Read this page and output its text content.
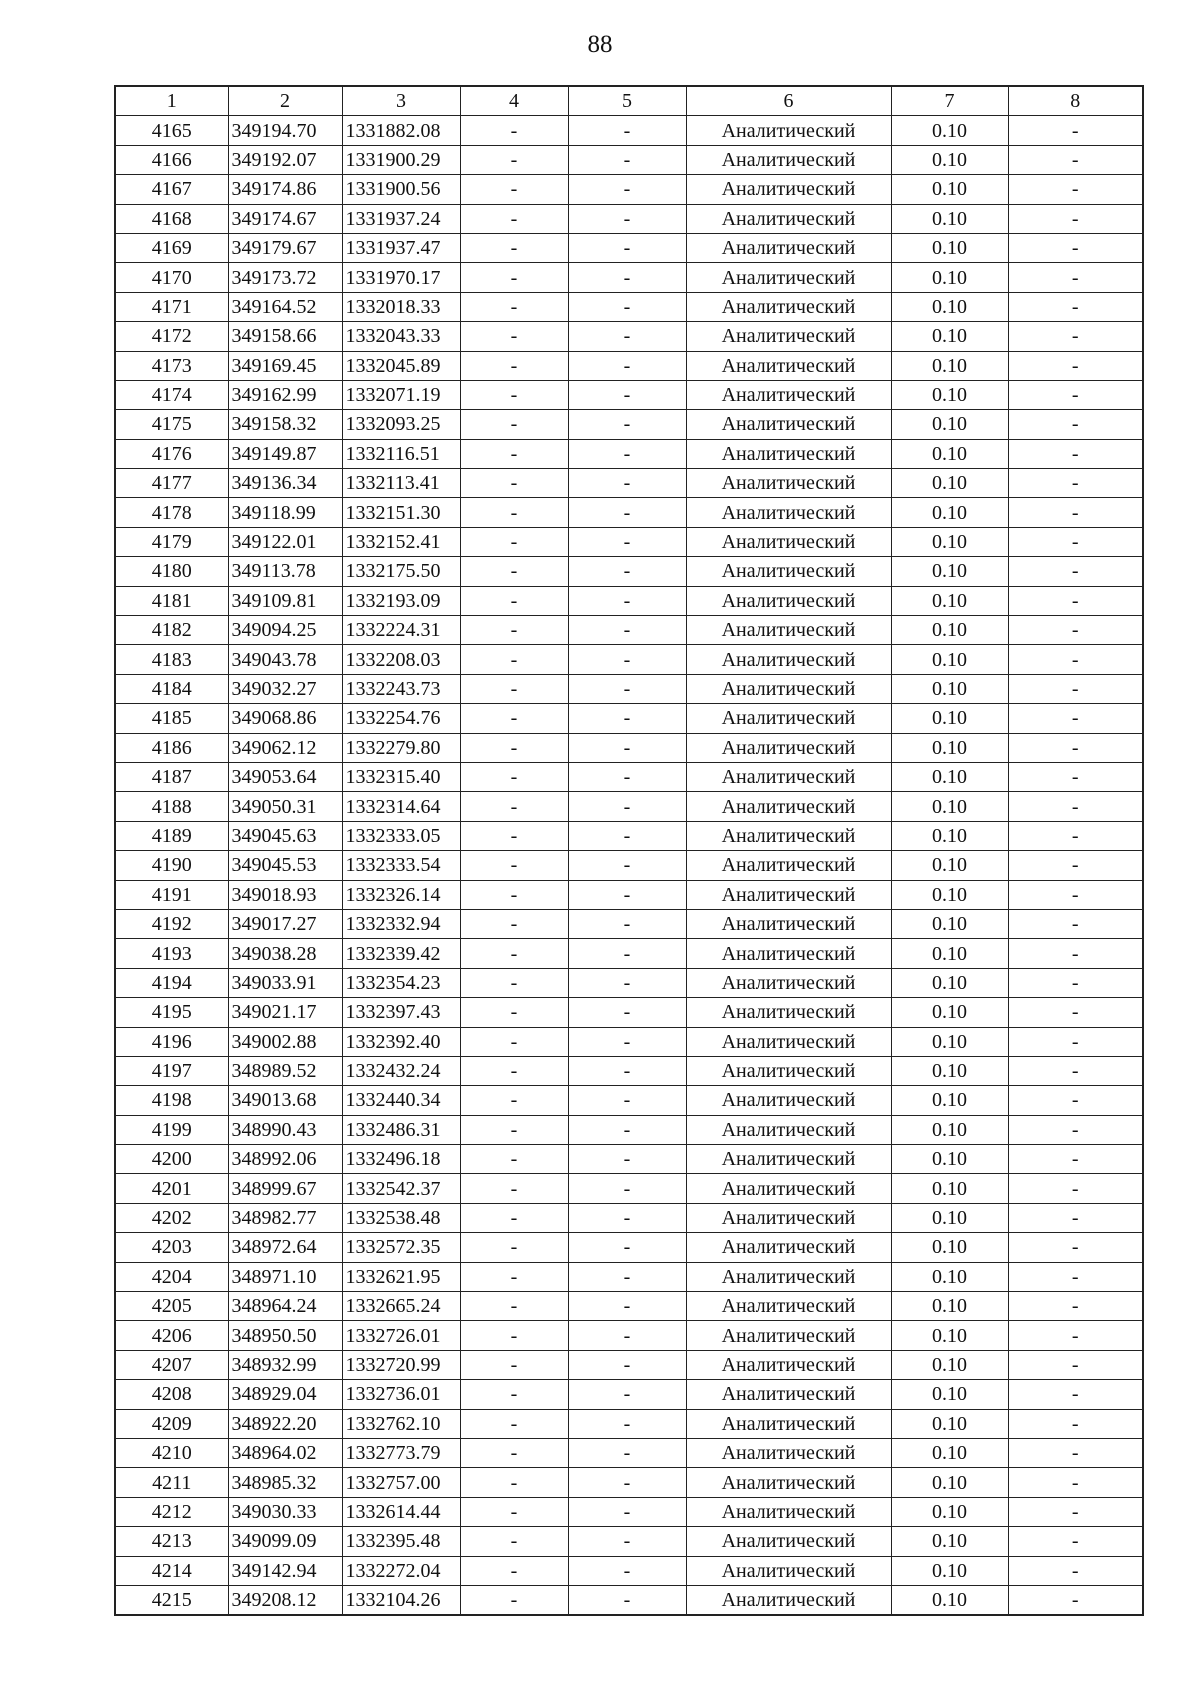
88
1	2	3	4	5	6	7	8
4165	349194.70	1331882.08	-	-	Аналитический	0.10	-
4166	349192.07	1331900.29	-	-	Аналитический	0.10	-
4167	349174.86	1331900.56	-	-	Аналитический	0.10	-
4168	349174.67	1331937.24	-	-	Аналитический	0.10	-
4169	349179.67	1331937.47	-	-	Аналитический	0.10	-
4170	349173.72	1331970.17	-	-	Аналитический	0.10	-
4171	349164.52	1332018.33	-	-	Аналитический	0.10	-
4172	349158.66	1332043.33	-	-	Аналитический	0.10	-
4173	349169.45	1332045.89	-	-	Аналитический	0.10	-
4174	349162.99	1332071.19	-	-	Аналитический	0.10	-
4175	349158.32	1332093.25	-	-	Аналитический	0.10	-
4176	349149.87	1332116.51	-	-	Аналитический	0.10	-
4177	349136.34	1332113.41	-	-	Аналитический	0.10	-
4178	349118.99	1332151.30	-	-	Аналитический	0.10	-
4179	349122.01	1332152.41	-	-	Аналитический	0.10	-
4180	349113.78	1332175.50	-	-	Аналитический	0.10	-
4181	349109.81	1332193.09	-	-	Аналитический	0.10	-
4182	349094.25	1332224.31	-	-	Аналитический	0.10	-
4183	349043.78	1332208.03	-	-	Аналитический	0.10	-
4184	349032.27	1332243.73	-	-	Аналитический	0.10	-
4185	349068.86	1332254.76	-	-	Аналитический	0.10	-
4186	349062.12	1332279.80	-	-	Аналитический	0.10	-
4187	349053.64	1332315.40	-	-	Аналитический	0.10	-
4188	349050.31	1332314.64	-	-	Аналитический	0.10	-
4189	349045.63	1332333.05	-	-	Аналитический	0.10	-
4190	349045.53	1332333.54	-	-	Аналитический	0.10	-
4191	349018.93	1332326.14	-	-	Аналитический	0.10	-
4192	349017.27	1332332.94	-	-	Аналитический	0.10	-
4193	349038.28	1332339.42	-	-	Аналитический	0.10	-
4194	349033.91	1332354.23	-	-	Аналитический	0.10	-
4195	349021.17	1332397.43	-	-	Аналитический	0.10	-
4196	349002.88	1332392.40	-	-	Аналитический	0.10	-
4197	348989.52	1332432.24	-	-	Аналитический	0.10	-
4198	349013.68	1332440.34	-	-	Аналитический	0.10	-
4199	348990.43	1332486.31	-	-	Аналитический	0.10	-
4200	348992.06	1332496.18	-	-	Аналитический	0.10	-
4201	348999.67	1332542.37	-	-	Аналитический	0.10	-
4202	348982.77	1332538.48	-	-	Аналитический	0.10	-
4203	348972.64	1332572.35	-	-	Аналитический	0.10	-
4204	348971.10	1332621.95	-	-	Аналитический	0.10	-
4205	348964.24	1332665.24	-	-	Аналитический	0.10	-
4206	348950.50	1332726.01	-	-	Аналитический	0.10	-
4207	348932.99	1332720.99	-	-	Аналитический	0.10	-
4208	348929.04	1332736.01	-	-	Аналитический	0.10	-
4209	348922.20	1332762.10	-	-	Аналитический	0.10	-
4210	348964.02	1332773.79	-	-	Аналитический	0.10	-
4211	348985.32	1332757.00	-	-	Аналитический	0.10	-
4212	349030.33	1332614.44	-	-	Аналитический	0.10	-
4213	349099.09	1332395.48	-	-	Аналитический	0.10	-
4214	349142.94	1332272.04	-	-	Аналитический	0.10	-
4215	349208.12	1332104.26	-	-	Аналитический	0.10	-
